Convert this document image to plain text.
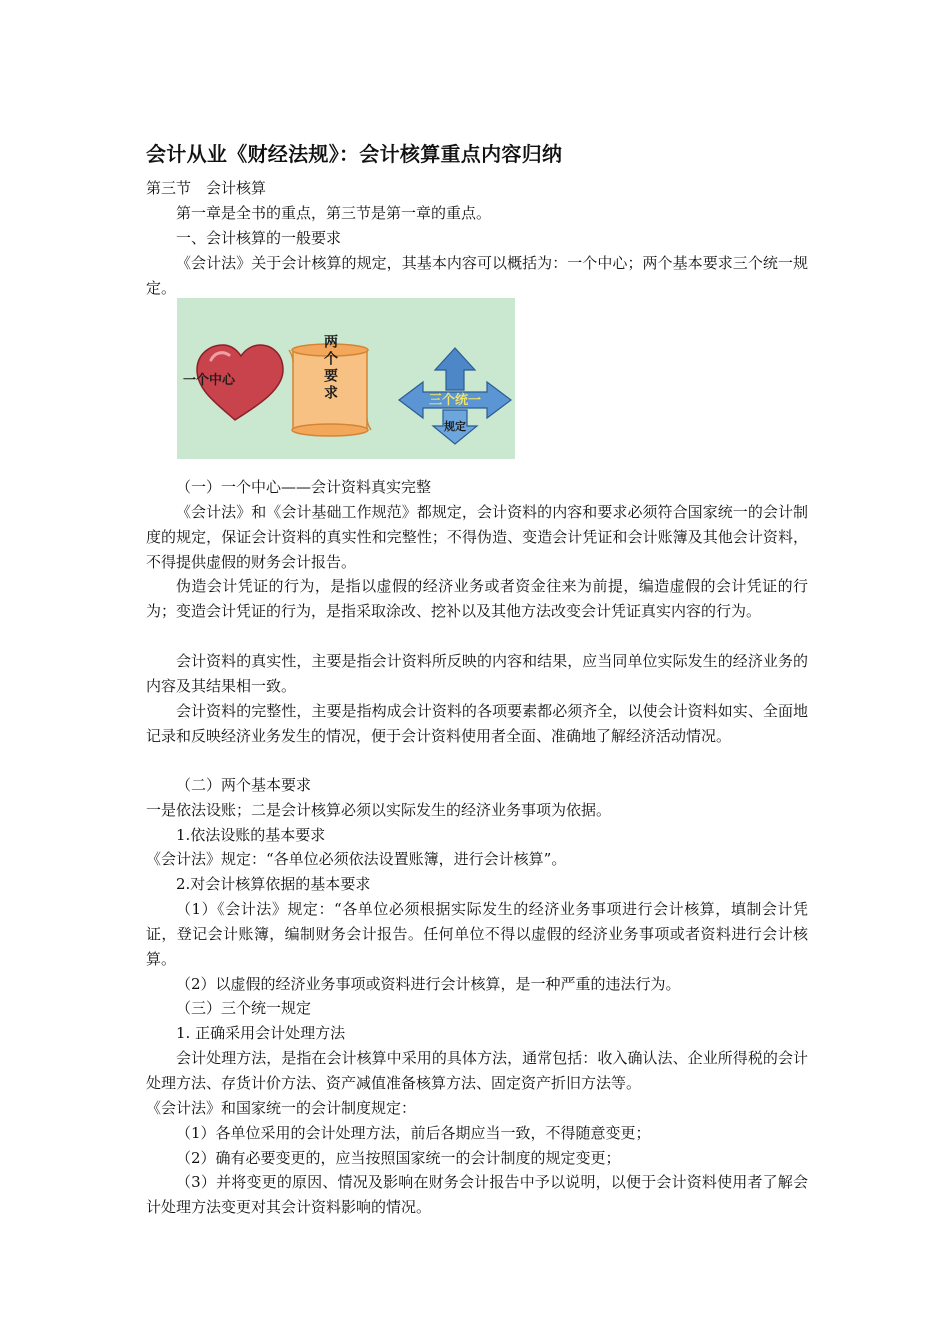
会计从业《财经法规》：会计核算重点内容归纳
第三节　会计核算
第一章是全书的重点，第三节是第一章的重点。
一、会计核算的一般要求
《会计法》关于会计核算的规定，其基本内容可以概括为：一个中心；两个基本要求三个统一规定。
一个中心	两个要求	三个统一
规定
（一）一个中心——会计资料真实完整
《会计法》和《会计基础工作规范》都规定，会计资料的内容和要求必须符合国家统一的会计制度的规定，保证会计资料的真实性和完整性；不得伪造、变造会计凭证和会计账簿及其他会计资料，不得提供虚假的财务会计报告。
伪造会计凭证的行为，是指以虚假的经济业务或者资金往来为前提，编造虚假的会计凭证的行为；变造会计凭证的行为，是指采取涂改、挖补以及其他方法改变会计凭证真实内容的行为。
会计资料的真实性，主要是指会计资料所反映的内容和结果，应当同单位实际发生的经济业务的内容及其结果相一致。
会计资料的完整性，主要是指构成会计资料的各项要素都必须齐全，以使会计资料如实、全面地记录和反映经济业务发生的情况，便于会计资料使用者全面、准确地了解经济活动情况。
（二）两个基本要求
一是依法设账；二是会计核算必须以实际发生的经济业务事项为依据。
1.依法设账的基本要求
《会计法》规定：“各单位必须依法设置账簿，进行会计核算”。
2.对会计核算依据的基本要求
（1）《会计法》规定：“各单位必须根据实际发生的经济业务事项进行会计核算，填制会计凭证，登记会计账簿，编制财务会计报告。任何单位不得以虚假的经济业务事项或者资料进行会计核算。
（2）以虚假的经济业务事项或资料进行会计核算，是一种严重的违法行为。
（三）三个统一规定
1. 正确采用会计处理方法
会计处理方法，是指在会计核算中采用的具体方法，通常包括：收入确认法、企业所得税的会计处理方法、存货计价方法、资产减值准备核算方法、固定资产折旧方法等。
《会计法》和国家统一的会计制度规定：
（1）各单位采用的会计处理方法，前后各期应当一致，不得随意变更；
（2）确有必要变更的，应当按照国家统一的会计制度的规定变更；
（3）并将变更的原因、情况及影响在财务会计报告中予以说明，以便于会计资料使用者了解会计处理方法变更对其会计资料影响的情况。
